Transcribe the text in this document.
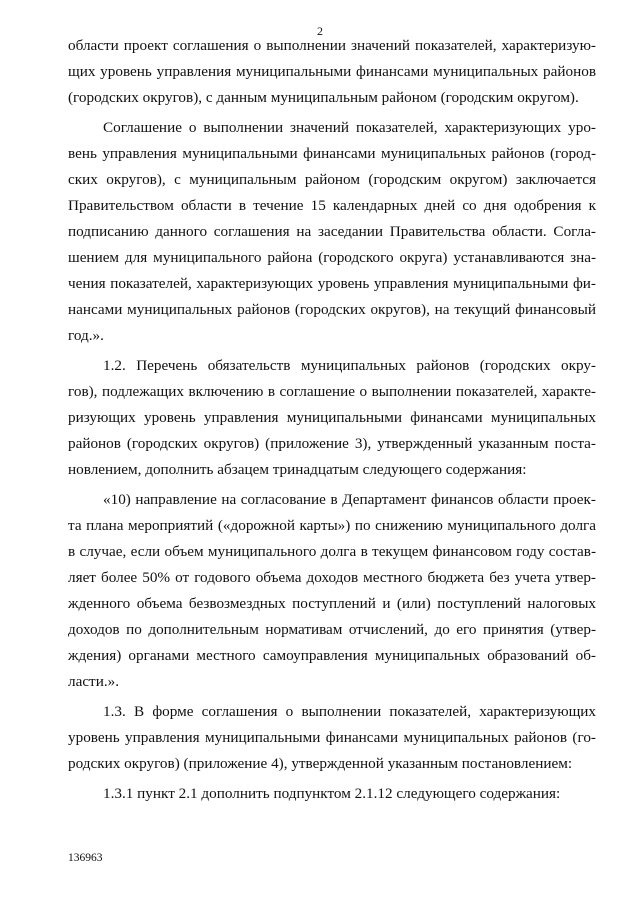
2
области проект соглашения о выполнении значений показателей, характеризую-
щих уровень управления муниципальными финансами муниципальных районов
(городских округов), с данным муниципальным районом (городским округом).
Соглашение о выполнении значений показателей, характеризующих уро-
вень управления муниципальными финансами муниципальных районов (город-
ских округов), с муниципальным районом (городским округом) заключается
Правительством области в течение 15 календарных дней со дня одобрения к
подписанию данного соглашения на заседании Правительства области. Согла-
шением для муниципального района (городского округа) устанавливаются зна-
чения показателей, характеризующих уровень управления муниципальными фи-
нансами муниципальных районов (городских округов), на текущий финансовый
год.».
1.2. Перечень обязательств муниципальных районов (городских окру-
гов), подлежащих включению в соглашение о выполнении показателей, характе-
ризующих уровень управления муниципальными финансами муниципальных
районов (городских округов) (приложение 3), утвержденный указанным поста-
новлением, дополнить абзацем тринадцатым следующего содержания:
«10) направление на согласование в Департамент финансов области проек-
та плана мероприятий («дорожной карты») по снижению муниципального долга
в случае, если объем муниципального долга в текущем финансовом году состав-
ляет более 50% от годового объема доходов местного бюджета без учета утвер-
жденного объема безвозмездных поступлений и (или) поступлений налоговых
доходов по дополнительным нормативам отчислений, до его принятия (утвер-
ждения) органами местного самоуправления муниципальных образований об-
ласти.».
1.3. В форме соглашения о выполнении показателей, характеризующих
уровень управления муниципальными финансами муниципальных районов (го-
родских округов) (приложение 4), утвержденной указанным постановлением:
1.3.1 пункт 2.1 дополнить подпунктом 2.1.12 следующего содержания:
136963
